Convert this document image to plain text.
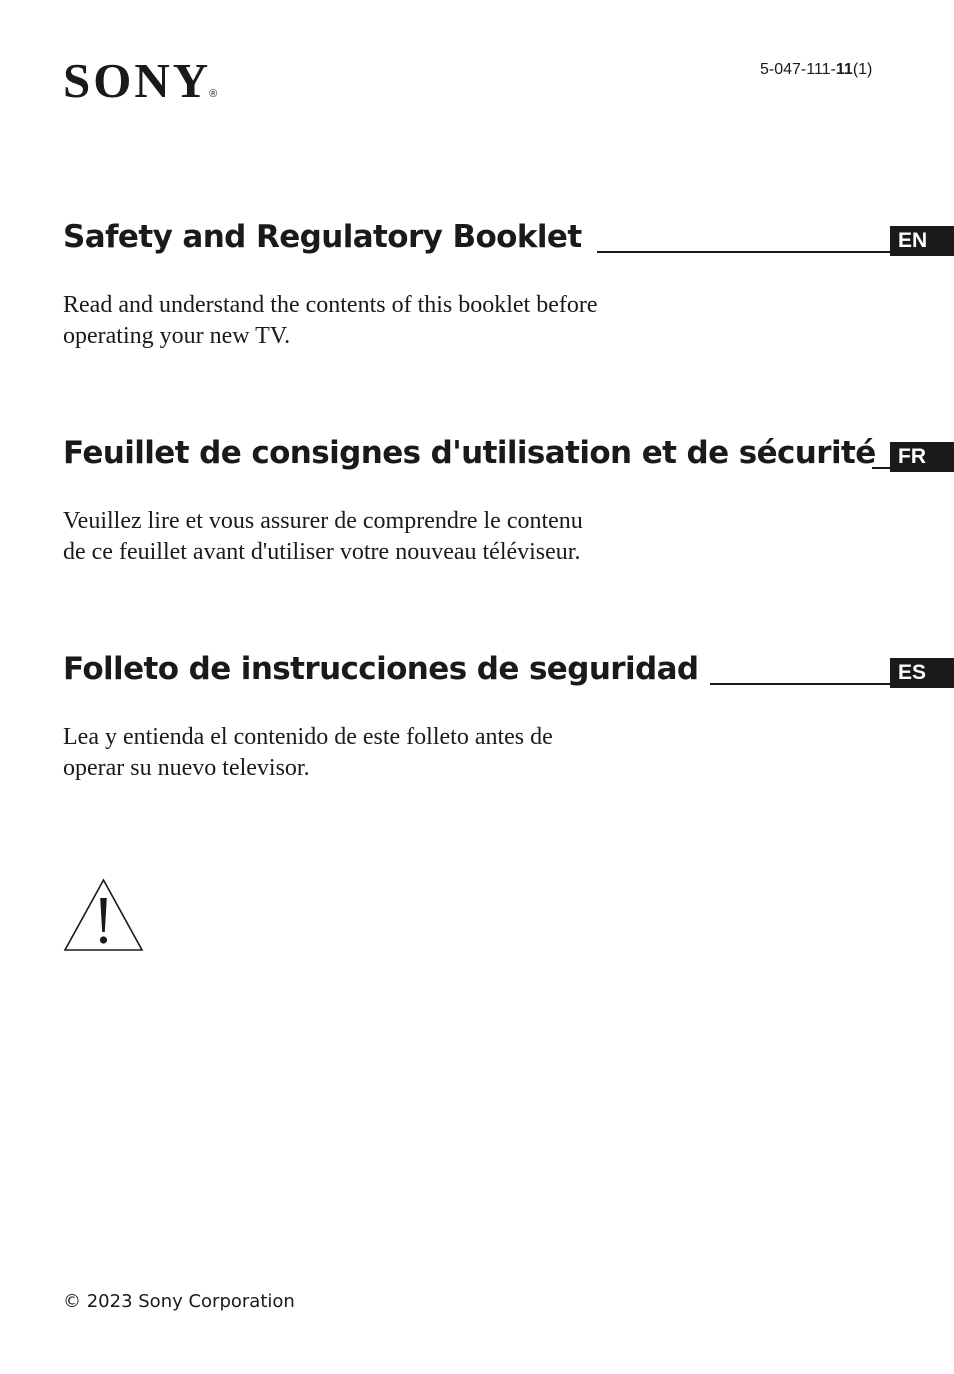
SONY®
5-047-111-11(1)
Safety and Regulatory Booklet	EN
Read and understand the contents of this booklet before
operating your new TV.
Feuillet de consignes d'utilisation et de sécurité	FR
Veuillez lire et vous assurer de comprendre le contenu
de ce feuillet avant d'utiliser votre nouveau téléviseur.
Folleto de instrucciones de seguridad	ES
Lea y entienda el contenido de este folleto antes de
operar su nuevo televisor.
© 2023 Sony Corporation
